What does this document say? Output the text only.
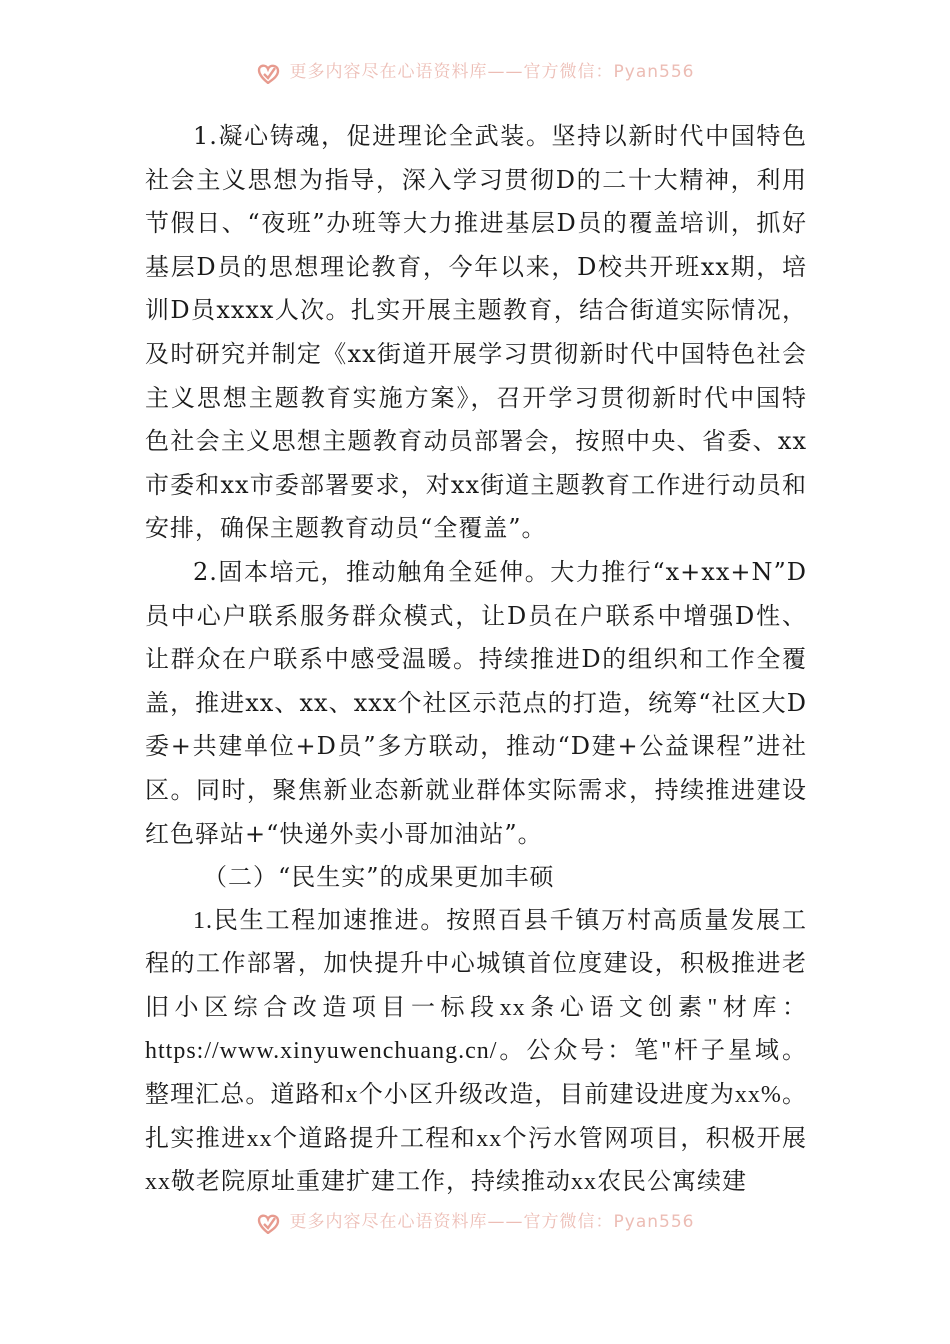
更多内容尽在心语资料库——官方微信：Pyan556

1.凝心铸魂，促进理论全武装。坚持以新时代中国特色社会主义思想为指导，深入学习贯彻D的二十大精神，利用节假日、“夜班”办班等大力推进基层D员的覆盖培训，抓好基层D员的思想理论教育，今年以来，D校共开班xx期，培训D员xxxx人次。扎实开展主题教育，结合街道实际情况，及时研究并制定《xx街道开展学习贯彻新时代中国特色社会主义思想主题教育实施方案》，召开学习贯彻新时代中国特色社会主义思想主题教育动员部署会，按照中央、省委、xx市委和xx市委部署要求，对xx街道主题教育工作进行动员和安排，确保主题教育动员“全覆盖”。

2.固本培元，推动触角全延伸。大力推行“x+xx+N”D员中心户联系服务群众模式，让D员在户联系中增强D性、让群众在户联系中感受温暖。持续推进D的组织和工作全覆盖，推进xx、xx、xxx个社区示范点的打造，统筹“社区大D委+共建单位+D员”多方联动，推动“D建+公益课程”进社区。同时，聚焦新业态新就业群体实际需求，持续推进建设红色驿站+“快递外卖小哥加油站”。

（二）“民生实”的成果更加丰硕

1.民生工程加速推进。按照百县千镇万村高质量发展工程的工作部署，加快提升中心城镇首位度建设，积极推进老旧小区综合改造项目一标段xx条心语文创素"材库：https://www.xinyuwenchuang.cn/。公众号：笔"杆子星域。整理汇总。道路和x个小区升级改造，目前建设进度为xx%。扎实推进xx个道路提升工程和xx个污水管网项目，积极开展xx敬老院原址重建扩建工作，持续推动xx农民公寓续建

更多内容尽在心语资料库——官方微信：Pyan556
